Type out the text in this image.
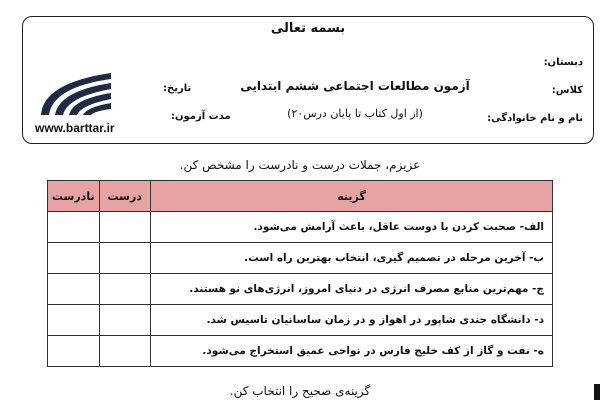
بسمه تعالی
دبستان:
کلاس:
نام و نام خانوادگی:
آزمون مطالعات اجتماعی ششم ابتدایی
(از اول کتاب تا پایان درس۲۰)
تاریخ:
مدت آزمون:
www.barttar.ir
عزیزم، جملات درست و نادرست را مشخص کن.
گزینه	درست	نادرست
الف- صحبت کردن با دوست عاقل، باعث آرامش می‌شود.		
ب- آخرین مرحله در تصمیم گیری، انتخاب بهترین راه است.		
ج- مهم‌ترین منابع مصرف انرژی در دنیای امروز، انرژی‌های نو هستند.		
د- دانشگاه جندی شاپور در اهواز و در زمان ساسانیان تاسیس شد.		
ه- نفت و گاز از کف خلیج فارس در نواحی عمیق استخراج می‌شود.		
گزینه‌ی صحیح را انتخاب کن.
